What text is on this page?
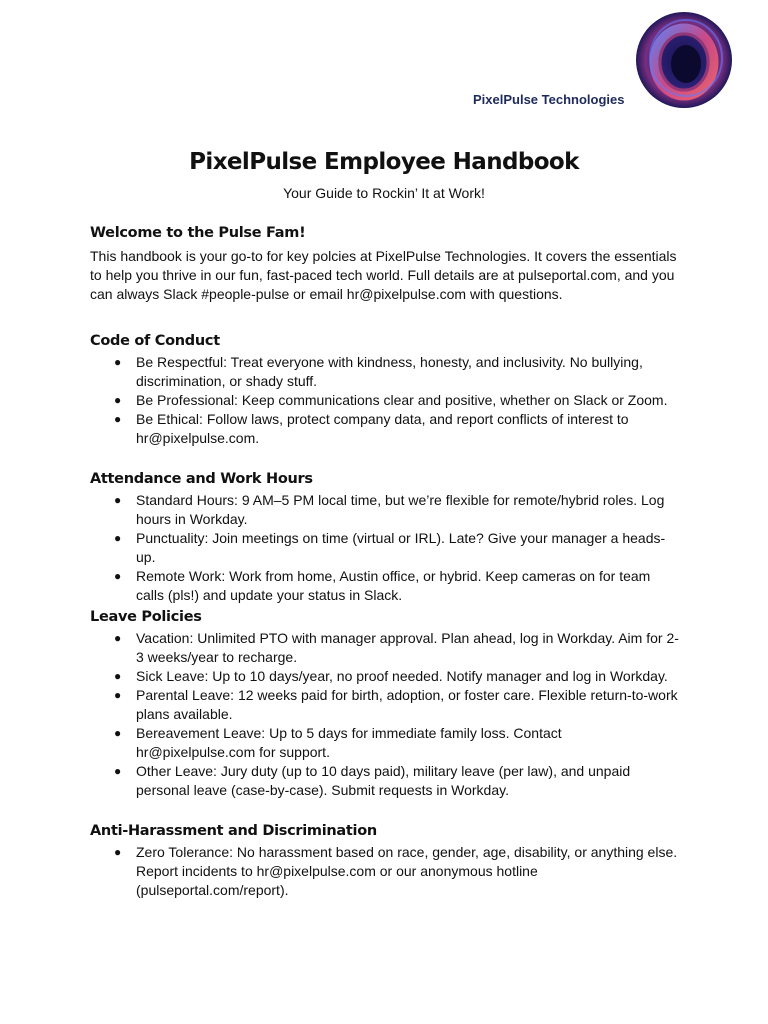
PixelPulse Technologies
PixelPulse Employee Handbook
Your Guide to Rockin’ It at Work!
Welcome to the Pulse Fam!

This handbook is your go-to for key polcies at PixelPulse Technologies. It covers the essentials to help you thrive in our fun, fast-paced tech world. Full details are at pulseportal.com, and you can always Slack #people-pulse or email hr@pixelpulse.com with questions.

Code of Conduct
● Be Respectful: Treat everyone with kindness, honesty, and inclusivity. No bullying, discrimination, or shady stuff.
● Be Professional: Keep communications clear and positive, whether on Slack or Zoom.
● Be Ethical: Follow laws, protect company data, and report conflicts of interest to hr@pixelpulse.com.
Attendance and Work Hours
● Standard Hours: 9 AM–5 PM local time, but we’re flexible for remote/hybrid roles. Log hours in Workday.
● Punctuality: Join meetings on time (virtual or IRL). Late? Give your manager a heads-up.
● Remote Work: Work from home, Austin office, or hybrid. Keep cameras on for team calls (pls!) and update your status in Slack.
Leave Policies
● Vacation: Unlimited PTO with manager approval. Plan ahead, log in Workday. Aim for 2-3 weeks/year to recharge.
● Sick Leave: Up to 10 days/year, no proof needed. Notify manager and log in Workday.
● Parental Leave: 12 weeks paid for birth, adoption, or foster care. Flexible return-to-work plans available.
● Bereavement Leave: Up to 5 days for immediate family loss. Contact hr@pixelpulse.com for support.
● Other Leave: Jury duty (up to 10 days paid), military leave (per law), and unpaid personal leave (case-by-case). Submit requests in Workday.
Anti-Harassment and Discrimination
● Zero Tolerance: No harassment based on race, gender, age, disability, or anything else. Report incidents to hr@pixelpulse.com or our anonymous hotline (pulseportal.com/report).
